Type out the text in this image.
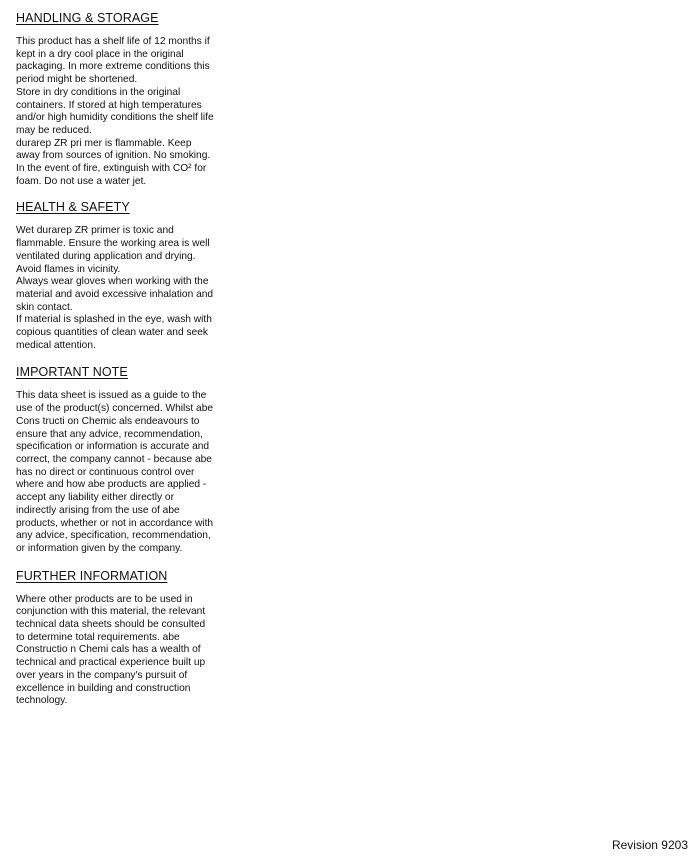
HANDLING & STORAGE

This product has a shelf life of 12 months if kept in a dry cool place in the original packaging. In more extreme conditions this period might be shortened.

Store in dry conditions in the original containers. If stored at high temperatures and/or high humidity conditions the shelf life may be reduced.

durarep ZR pri mer is flammable. Keep away from sources of ignition. No smoking. In the event of fire, extinguish with CO² for foam. Do not use a water jet.

HEALTH & SAFETY

Wet durarep ZR primer is toxic and flammable. Ensure the working area is well ventilated during application and drying. Avoid flames in vicinity.

Always wear gloves when working with the material and avoid excessive inhalation and skin contact.

If material is splashed in the eye, wash with copious quantities of clean water and seek medical attention.

IMPORTANT NOTE

This data sheet is issued as a guide to the use of the product(s) concerned. Whilst abe Cons tructi on Chemic als endeavours to ensure that any advice, recommendation, specification or information is accurate and correct, the company cannot - because abe has no direct or continuous control over where and how abe products are applied - accept any liability either directly or indirectly arising from the use of abe products, whether or not in accordance with any advice, specification, recommendation, or information given by the company.

FURTHER INFORMATION

Where other products are to be used in conjunction with this material, the relevant technical data sheets should be consulted to determine total requirements. abe Constructio n Chemi cals has a wealth of technical and practical experience built up over years in the company's pursuit of excellence in building and construction technology.

Revision 9203
